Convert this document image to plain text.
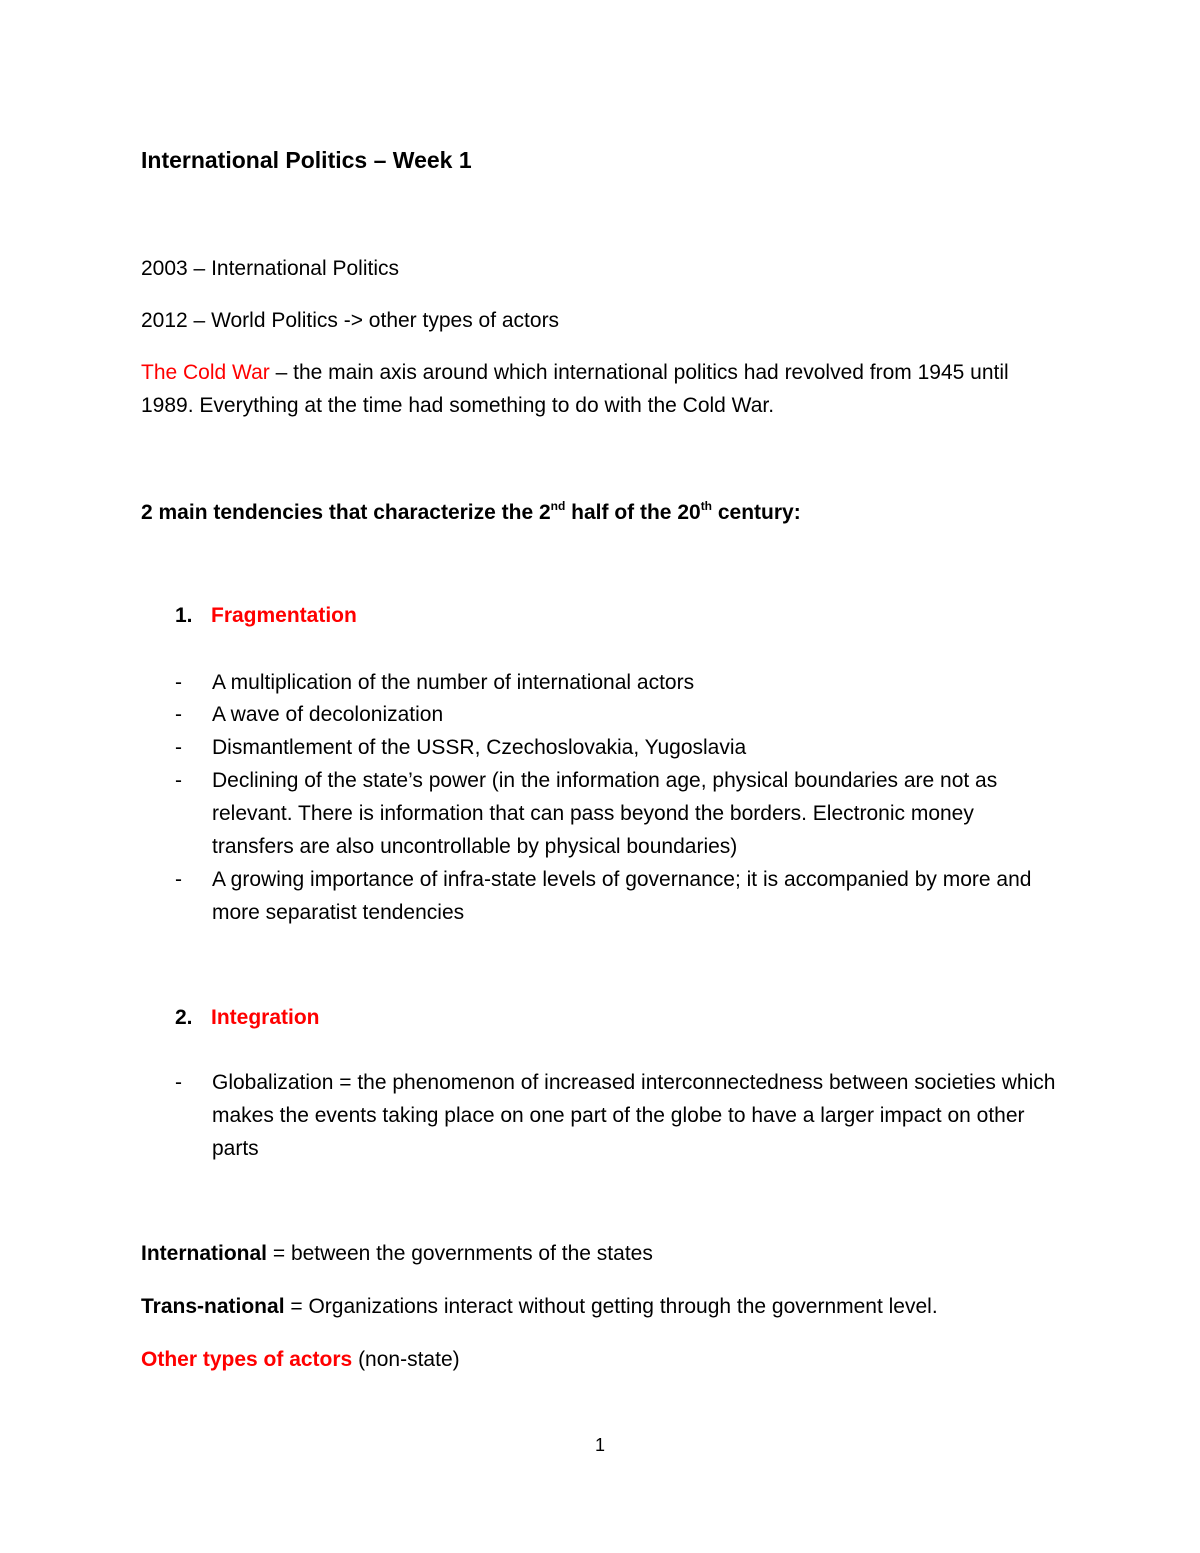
International Politics – Week 1
2003 – International Politics
2012 – World Politics -> other types of actors
The Cold War – the main axis around which international politics had revolved from 1945 until
1989. Everything at the time had something to do with the Cold War.
2 main tendencies that characterize the 2nd half of the 20th century:
1. Fragmentation
- A multiplication of the number of international actors
- A wave of decolonization
- Dismantlement of the USSR, Czechoslovakia, Yugoslavia
- Declining of the state’s power (in the information age, physical boundaries are not as relevant. There is information that can pass beyond the borders. Electronic money transfers are also uncontrollable by physical boundaries)
- A growing importance of infra-state levels of governance; it is accompanied by more and more separatist tendencies
2. Integration
- Globalization = the phenomenon of increased interconnectedness between societies which makes the events taking place on one part of the globe to have a larger impact on other parts
International = between the governments of the states
Trans-national = Organizations interact without getting through the government level.
Other types of actors (non-state)
1
